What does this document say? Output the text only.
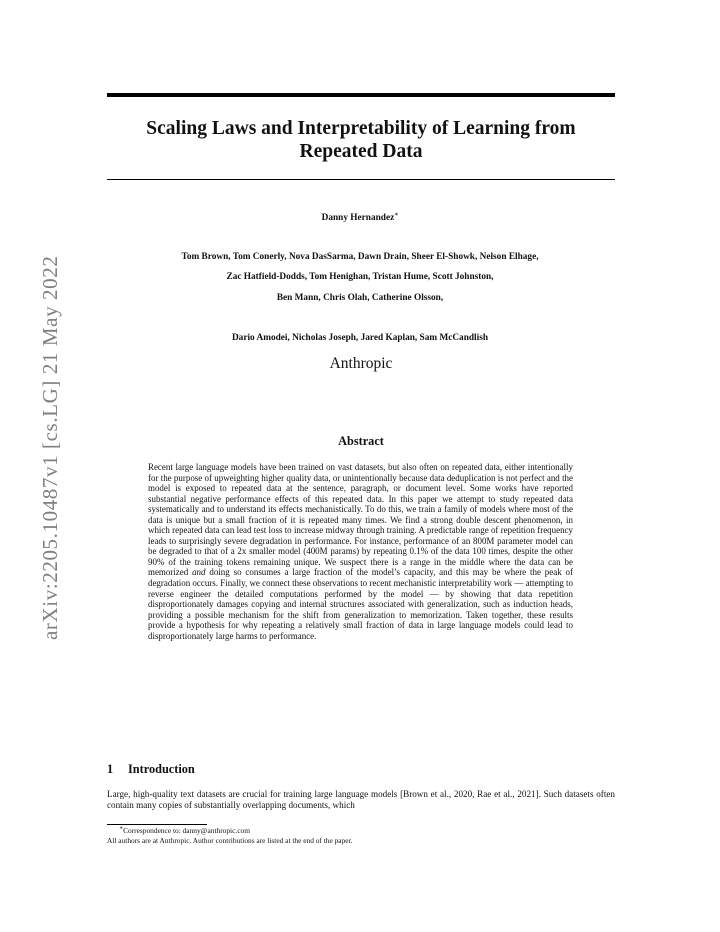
arXiv:2205.10487v1 [cs.LG] 21 May 2022
Scaling Laws and Interpretability of Learning from Repeated Data
Danny Hernandez∗
Tom Brown, Tom Conerly, Nova DasSarma, Dawn Drain, Sheer El-Showk, Nelson Elhage,
Zac Hatfield-Dodds, Tom Henighan, Tristan Hume, Scott Johnston,
Ben Mann, Chris Olah, Catherine Olsson,
Dario Amodei, Nicholas Joseph, Jared Kaplan, Sam McCandlish
Anthropic
Abstract
Recent large language models have been trained on vast datasets, but also often on repeated data, either intentionally for the purpose of upweighting higher quality data, or unintentionally because data deduplication is not perfect and the model is exposed to repeated data at the sentence, paragraph, or document level. Some works have reported substantial negative performance effects of this repeated data. In this paper we attempt to study repeated data systematically and to understand its effects mechanistically. To do this, we train a family of models where most of the data is unique but a small fraction of it is repeated many times. We find a strong double descent phenomenon, in which repeated data can lead test loss to increase midway through training. A predictable range of repetition frequency leads to surprisingly severe degradation in performance. For instance, performance of an 800M parameter model can be degraded to that of a 2x smaller model (400M params) by repeating 0.1% of the data 100 times, despite the other 90% of the training tokens remaining unique. We suspect there is a range in the middle where the data can be memorized and doing so consumes a large fraction of the model’s capacity, and this may be where the peak of degradation occurs. Finally, we connect these observations to recent mechanistic interpretability work — attempting to reverse engineer the detailed computations performed by the model — by showing that data repetition disproportionately damages copying and internal structures associated with generalization, such as induction heads, providing a possible mechanism for the shift from generalization to memorization. Taken together, these results provide a hypothesis for why repeating a relatively small fraction of data in large language models could lead to disproportionately large harms to performance.
1 Introduction
Large, high-quality text datasets are crucial for training large language models [Brown et al., 2020, Rae et al., 2021]. Such datasets often contain many copies of substantially overlapping documents, which
∗Correspondence to: danny@anthropic.com
All authors are at Anthropic. Author contributions are listed at the end of the paper.
